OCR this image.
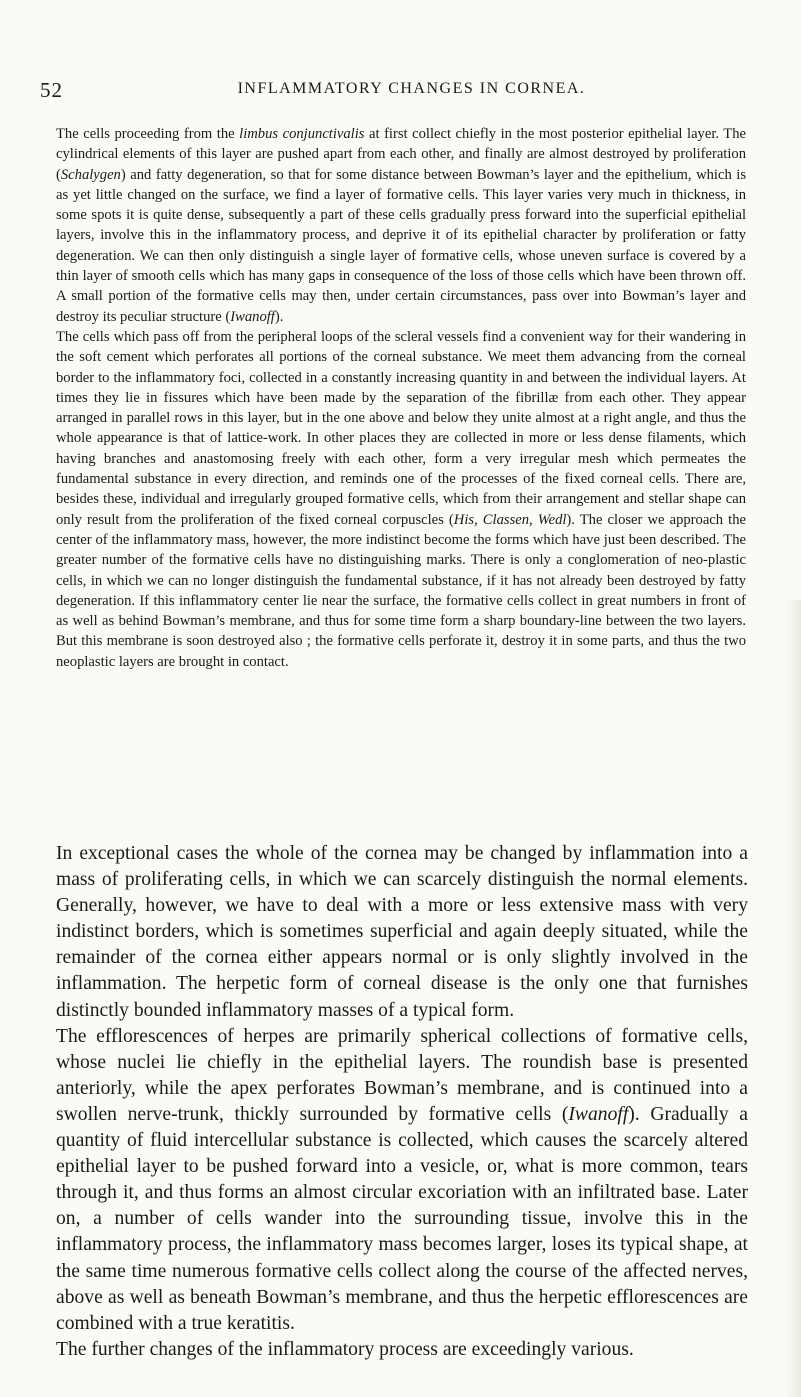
52	INFLAMMATORY CHANGES IN CORNEA.

The cells proceeding from the limbus conjunctivalis at first collect chiefly in the most posterior epithelial layer. The cylindrical elements of this layer are pushed apart from each other, and finally are almost destroyed by proliferation (Schalygen) and fatty degeneration, so that for some distance between Bowman’s layer and the epithelium, which is as yet little changed on the surface, we find a layer of formative cells. This layer varies very much in thickness, in some spots it is quite dense, subsequently a part of these cells gradually press forward into the superficial epithelial layers, involve this in the inflammatory process, and deprive it of its epithelial character by proliferation or fatty degeneration. We can then only distinguish a single layer of formative cells, whose uneven surface is covered by a thin layer of smooth cells which has many gaps in consequence of the loss of those cells which have been thrown off. A small portion of the formative cells may then, under certain circumstances, pass over into Bowman’s layer and destroy its peculiar structure (Iwanoff).

The cells which pass off from the peripheral loops of the scleral vessels find a convenient way for their wandering in the soft cement which perforates all portions of the corneal substance. We meet them advancing from the corneal border to the inflammatory foci, collected in a constantly increasing quantity in and between the individual layers. At times they lie in fissures which have been made by the separation of the fibrillæ from each other. They appear arranged in parallel rows in this layer, but in the one above and below they unite almost at a right angle, and thus the whole appearance is that of lattice-work. In other places they are collected in more or less dense filaments, which having branches and anastomosing freely with each other, form a very irregular mesh which permeates the fundamental substance in every direction, and reminds one of the processes of the fixed corneal cells. There are, besides these, individual and irregularly grouped formative cells, which from their arrangement and stellar shape can only result from the proliferation of the fixed corneal corpuscles (His, Classen, Wedl). The closer we approach the center of the inflammatory mass, however, the more indistinct become the forms which have just been described. The greater number of the formative cells have no distinguishing marks. There is only a conglomeration of neo-plastic cells, in which we can no longer distinguish the fundamental substance, if it has not already been destroyed by fatty degeneration. If this inflammatory center lie near the surface, the formative cells collect in great numbers in front of as well as behind Bowman’s membrane, and thus for some time form a sharp boundary-line between the two layers. But this membrane is soon destroyed also ; the formative cells perforate it, destroy it in some parts, and thus the two neoplastic layers are brought in contact.

In exceptional cases the whole of the cornea may be changed by inflammation into a mass of proliferating cells, in which we can scarcely distinguish the normal elements. Generally, however, we have to deal with a more or less extensive mass with very indistinct borders, which is sometimes superficial and again deeply situated, while the remainder of the cornea either appears normal or is only slightly involved in the inflammation. The herpetic form of corneal disease is the only one that furnishes distinctly bounded inflammatory masses of a typical form.

The efflorescences of herpes are primarily spherical collections of formative cells, whose nuclei lie chiefly in the epithelial layers. The roundish base is presented anteriorly, while the apex perforates Bowman’s membrane, and is continued into a swollen nerve-trunk, thickly surrounded by formative cells (Iwanoff). Gradually a quantity of fluid intercellular substance is collected, which causes the scarcely altered epithelial layer to be pushed forward into a vesicle, or, what is more common, tears through it, and thus forms an almost circular excoriation with an infiltrated base. Later on, a number of cells wander into the surrounding tissue, involve this in the inflammatory process, the inflammatory mass becomes larger, loses its typical shape, at the same time numerous formative cells collect along the course of the affected nerves, above as well as beneath Bowman’s membrane, and thus the herpetic efflorescences are combined with a true keratitis.

The further changes of the inflammatory process are exceedingly various.
